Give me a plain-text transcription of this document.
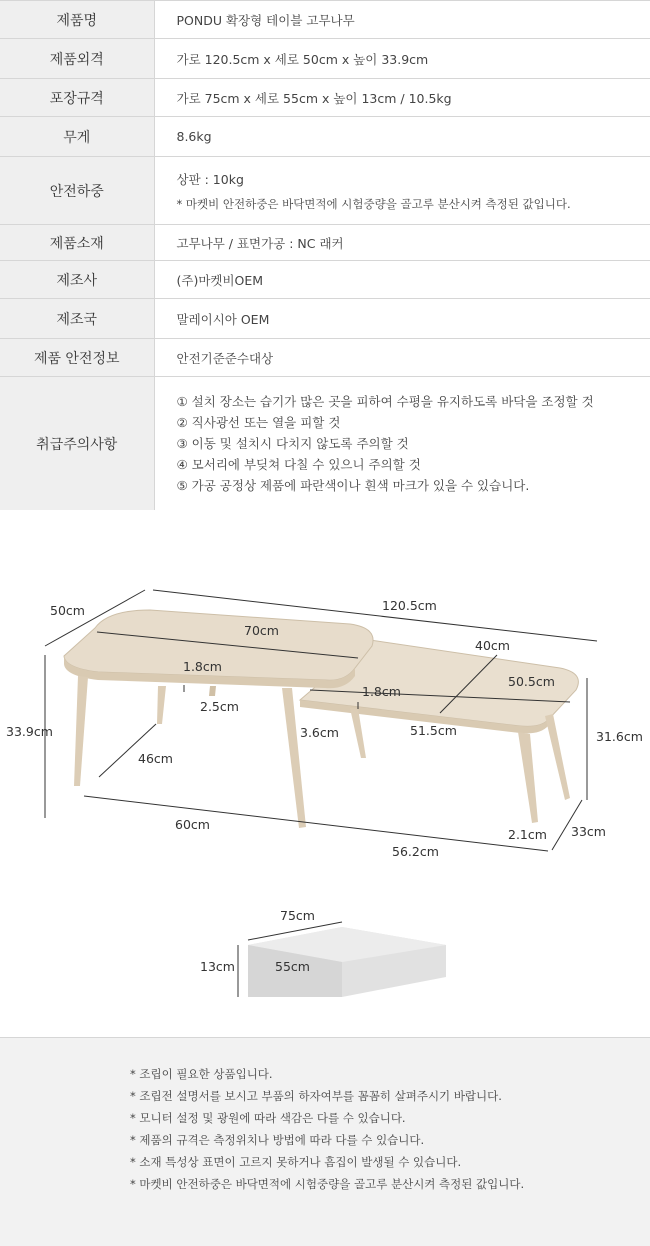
제품명	PONDU 확장형 테이블 고무나무
제품외격	가로 120.5cm x 세로 50cm x 높이 33.9cm
포장규격	가로 75cm x 세로 55cm x 높이 13cm / 10.5kg
무게	8.6kg
안전하중	상판 : 10kg
* 마켓비 안전하중은 바닥면적에 시험중량을 골고루 분산시켜 측정된 값입니다.

제품소재	고무나무 / 표면가공 : NC 래커
제조사	(주)마켓비OEM
제조국	말레이시아 OEM
제품 안전정보	안전기준준수대상
취급주의사항	① 설치 장소는 습기가 많은 곳을 피하여 수평을 유지하도록 바닥을 조정할 것
② 직사광선 또는 열을 피할 것
③ 이동 및 설치시 다치지 않도록 주의할 것
④ 모서리에 부딪쳐 다칠 수 있으니 주의할 것
⑤ 가공 공정상 제품에 파란색이나 흰색 마크가 있을 수 있습니다.
50cm	120.5cm
70cm
40cm
1.8cm
50.5cm
1.8cm
2.5cm
3.6cm	51.5cm
33.9cm	31.6cm
46cm
60cm
56.2cm
2.1cm 33cm
75cm
13cm	55cm
* 조립이 필요한 상품입니다.
* 조립전 설명서를 보시고 부품의 하자여부를 꼼꼼히 살펴주시기 바랍니다.
* 모니터 설정 및 광원에 따라 색감은 다를 수 있습니다.
* 제품의 규격은 측정위치나 방법에 따라 다를 수 있습니다.
* 소재 특성상 표면이 고르지 못하거나 흠집이 발생될 수 있습니다.
* 마켓비 안전하중은 바닥면적에 시험중량을 골고루 분산시켜 측정된 값입니다.
